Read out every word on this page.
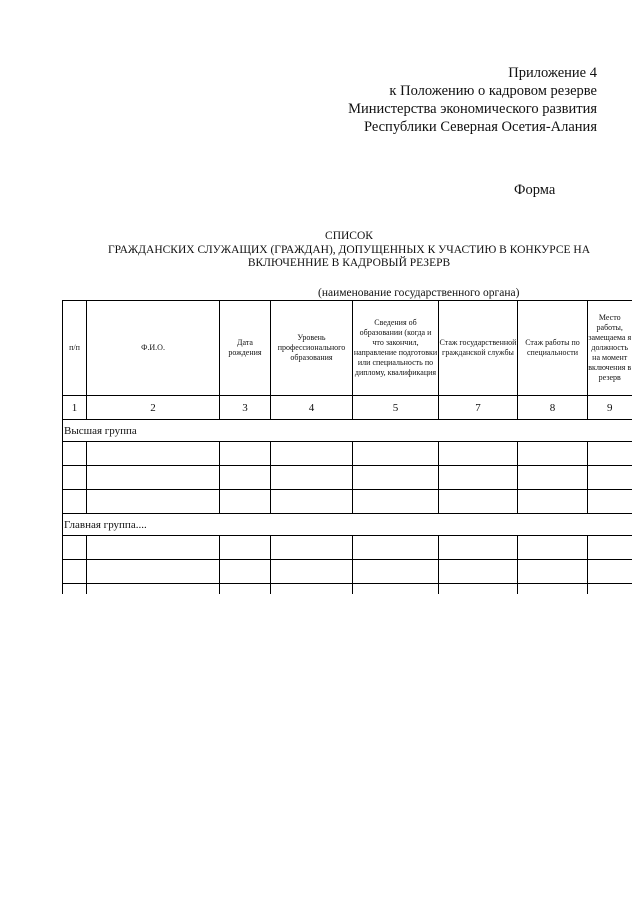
Приложение 4
к Положению о кадровом резерве
Министерства экономического развития
Республики Северная Осетия-Алания
Форма
СПИСОК
ГРАЖДАНСКИХ СЛУЖАЩИХ (ГРАЖДАН), ДОПУЩЕННЫХ К УЧАСТИЮ В КОНКУРСЕ НА
ВКЛЮЧЕННИЕ В КАДРОВЫЙ РЕЗЕРВ
(наименование государственного органа)
п/п	Ф.И.О.	Дата рождения	Уровень профессионального образования	Сведения об образовании (когда и что закончил, направление подготовки или специальность по диплому, квалификация	Стаж государственной гражданской службы	Стаж работы по специальности	Место работы, замещаема я должность на момент включения в резерв
1	2	3	4	5	7	8	9
Высшая группа							

Главная группа....							
